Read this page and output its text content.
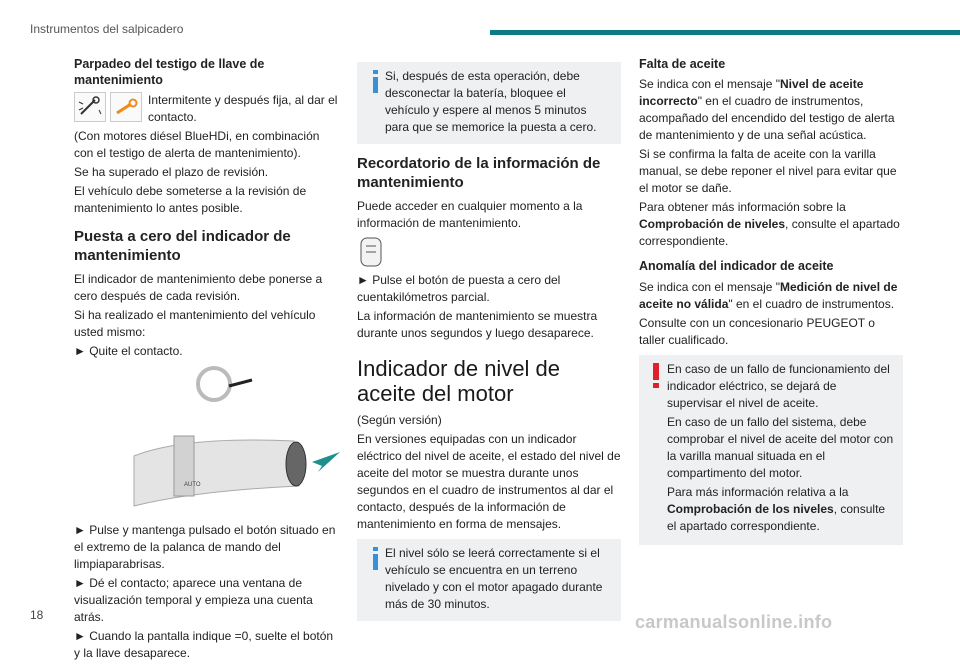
Instrumentos del salpicadero
Parpadeo del testigo de llave de mantenimiento

Intermitente y después fija, al dar el contacto.

(Con motores diésel BlueHDi, en combinación con el testigo de alerta de mantenimiento).

Se ha superado el plazo de revisión.

El vehículo debe someterse a la revisión de mantenimiento lo antes posible.

Puesta a cero del indicador de mantenimiento

El indicador de mantenimiento debe ponerse a cero después de cada revisión.

Si ha realizado el mantenimiento del vehículo usted mismo:

► Quite el contacto.

AUTO

► Pulse y mantenga pulsado el botón situado en el extremo de la palanca de mando del limpiaparabrisas.

► Dé el contacto; aparece una ventana de visualización temporal y empieza una cuenta atrás.

► Cuando la pantalla indique =0, suelte el botón y la llave desaparece.

Si, después de esta operación, debe desconectar la batería, bloquee el vehículo y espere al menos 5 minutos para que se memorice la puesta a cero.
Recordatorio de la información de mantenimiento

Puede acceder en cualquier momento a la información de mantenimiento.

► Pulse el botón de puesta a cero del cuentakilómetros parcial.

La información de mantenimiento se muestra durante unos segundos y luego desaparece.

Indicador de nivel de aceite del motor

(Según versión)

En versiones equipadas con un indicador eléctrico del nivel de aceite, el estado del nivel de aceite del motor se muestra durante unos segundos en el cuadro de instrumentos al dar el contacto, después de la información de mantenimiento en forma de mensajes.

El nivel sólo se leerá correctamente si el vehículo se encuentra en un terreno nivelado y con el motor apagado durante más de 30 minutos.
Falta de aceite

Se indica con el mensaje "Nivel de aceite incorrecto" en el cuadro de instrumentos, acompañado del encendido del testigo de alerta de mantenimiento y de una señal acústica.

Si se confirma la falta de aceite con la varilla manual, se debe reponer el nivel para evitar que el motor se dañe.

Para obtener más información sobre la Comprobación de niveles, consulte el apartado correspondiente.

Anomalía del indicador de aceite

Se indica con el mensaje "Medición de nivel de aceite no válida" en el cuadro de instrumentos.

Consulte con un concesionario PEUGEOT o taller cualificado.

En caso de un fallo de funcionamiento del indicador eléctrico, se dejará de supervisar el nivel de aceite.

En caso de un fallo del sistema, debe comprobar el nivel de aceite del motor con la varilla manual situada en el compartimento del motor.

Para más información relativa a la Comprobación de los niveles, consulte el apartado correspondiente.

18	carmanualsonline.info
